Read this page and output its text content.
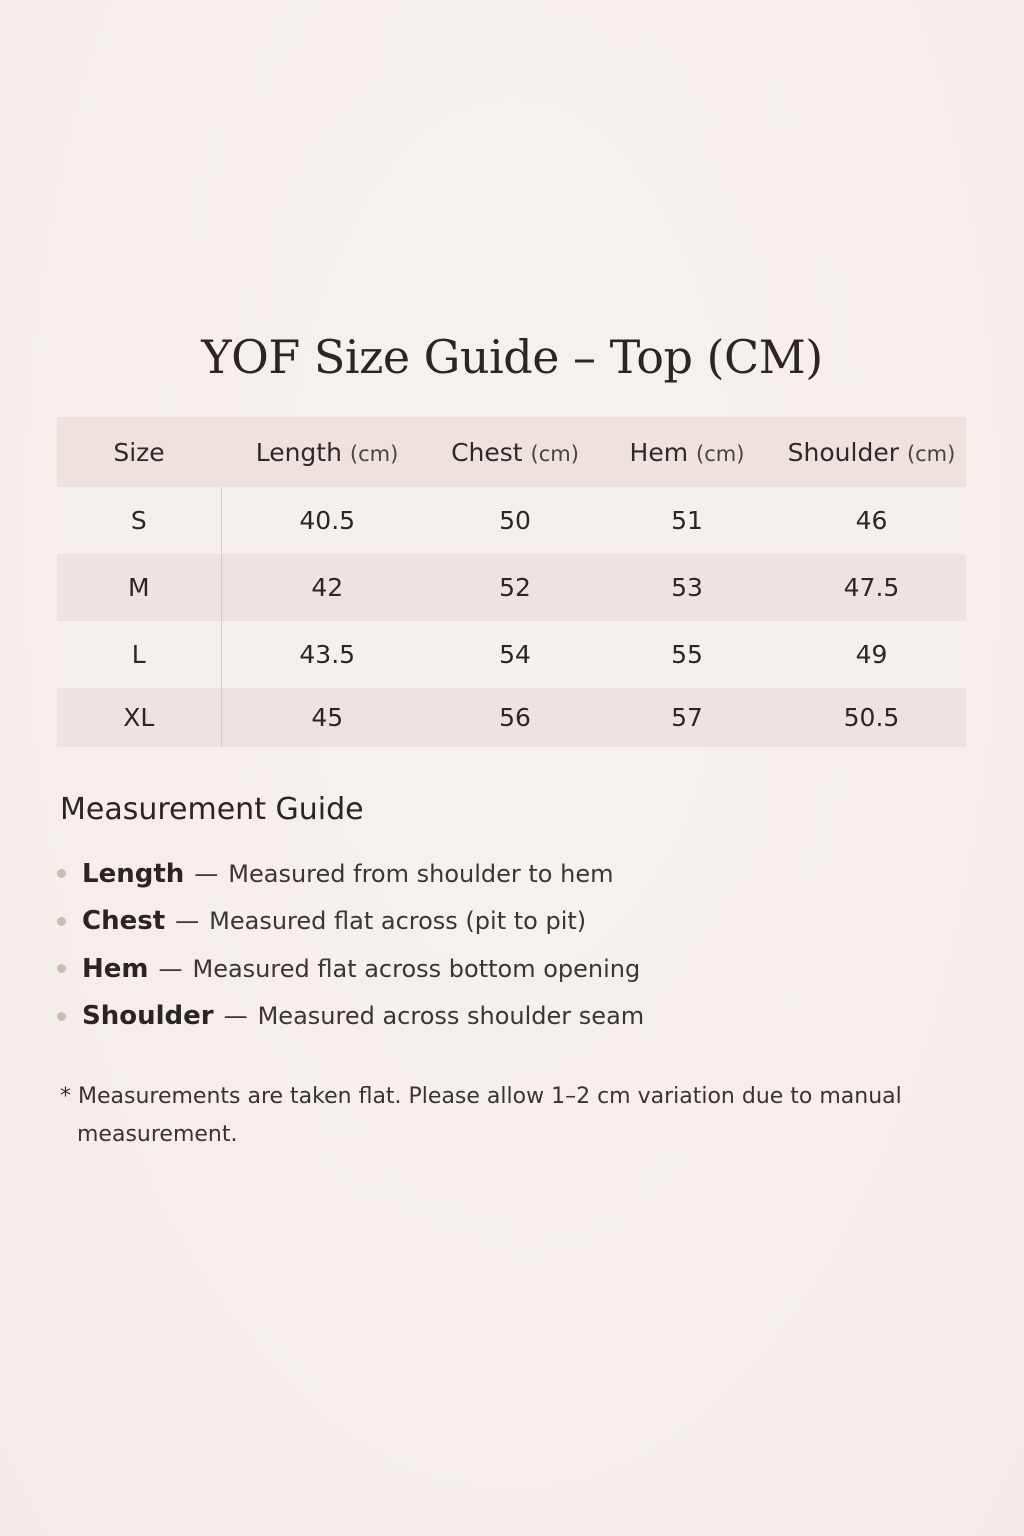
YOF Size Guide – Top (CM)
Size	Length (cm)	Chest (cm)	Hem (cm)	Shoulder (cm)
S	40.5	50	51	46
M	42	52	53	47.5
L	43.5	54	55	49
XL	45	56	57	50.5
Measurement Guide
Length — Measured from shoulder to hem
Chest — Measured flat across (pit to pit)
Hem — Measured flat across bottom opening
Shoulder — Measured across shoulder seam

* Measurements are taken flat. Please allow 1–2 cm variation due to manual measurement.
